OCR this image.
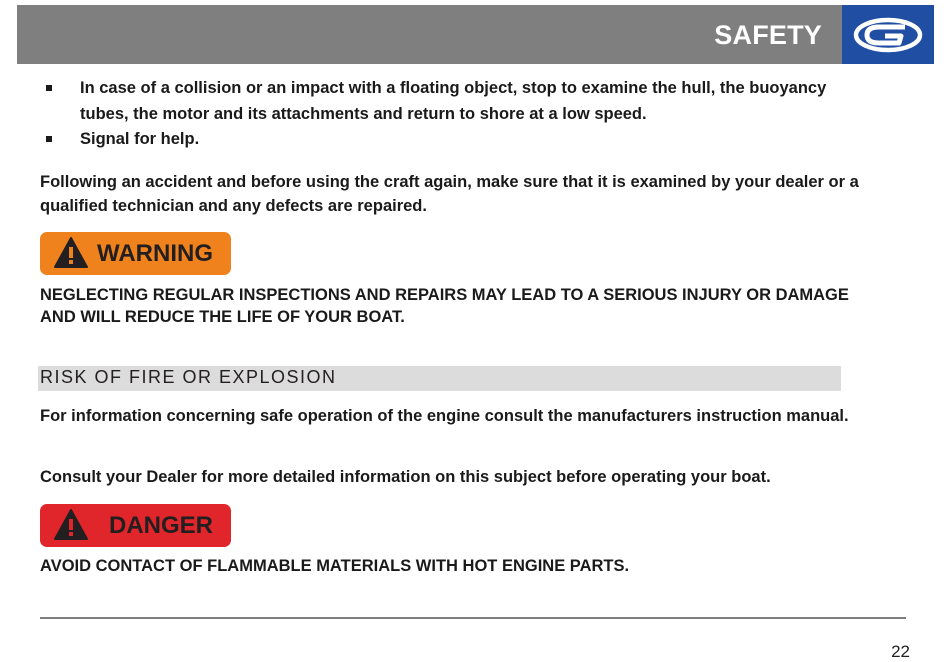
SAFETY
In case of a collision or an impact with a floating object, stop to examine the hull, the buoyancy tubes, the motor and its attachments and return to shore at a low speed.
Signal for help.
Following an accident and before using the craft again, make sure that it is examined by your dealer or a qualified technician and any defects are repaired.
WARNING
NEGLECTING REGULAR INSPECTIONS AND REPAIRS MAY LEAD TO A SERIOUS INJURY OR DAMAGE AND WILL REDUCE THE LIFE OF YOUR BOAT.
RISK OF FIRE OR EXPLOSION
For information concerning safe operation of the engine consult the manufacturers instruction manual.
Consult your Dealer for more detailed information on this subject before operating your boat.
DANGER
AVOID CONTACT OF FLAMMABLE MATERIALS WITH HOT ENGINE PARTS.
22
